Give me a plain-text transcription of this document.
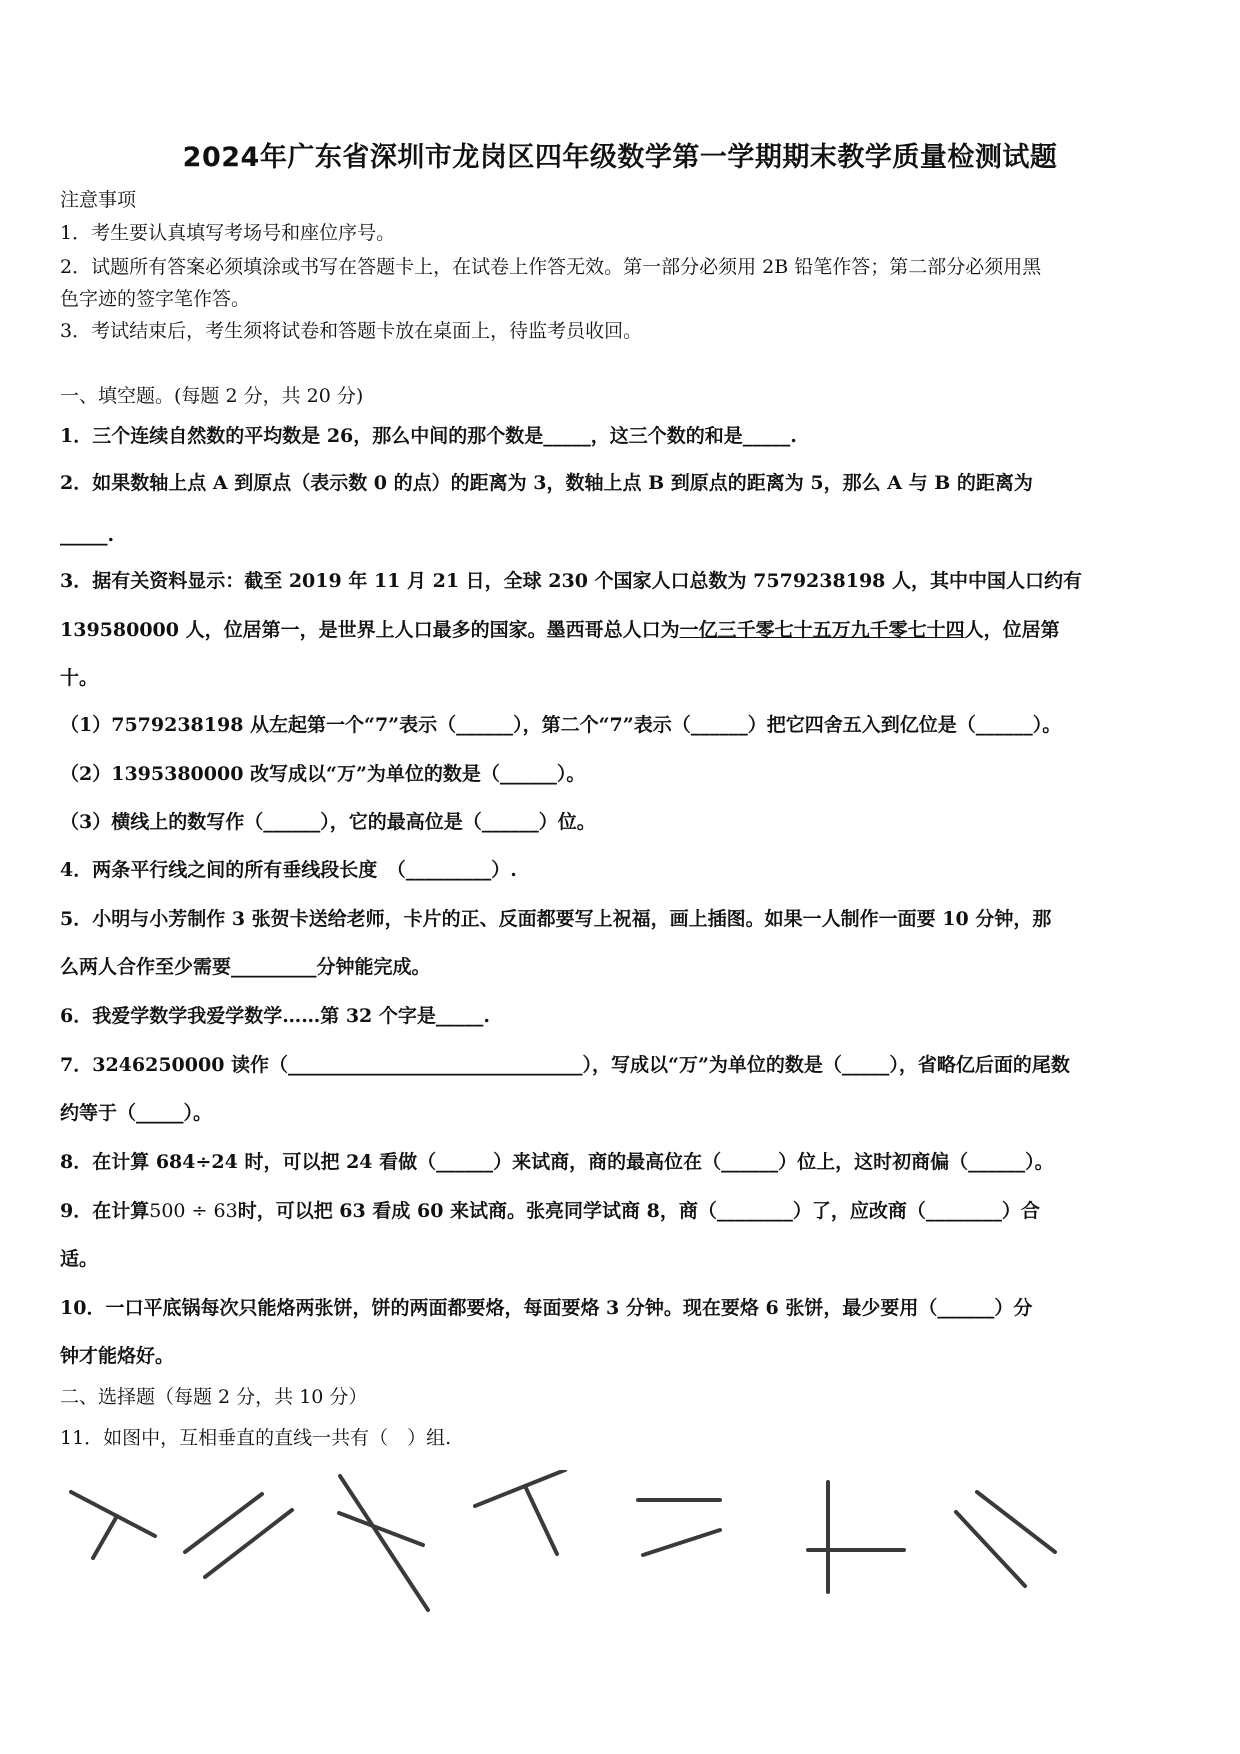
2024年广东省深圳市龙岗区四年级数学第一学期期末教学质量检测试题
注意事项
1．考生要认真填写考场号和座位序号。
2．试题所有答案必须填涂或书写在答题卡上，在试卷上作答无效。第一部分必须用 2B 铅笔作答；第二部分必须用黑
色字迹的签字笔作答。
3．考试结束后，考生须将试卷和答题卡放在桌面上，待监考员收回。
一、填空题。(每题 2 分，共 20 分)
1．三个连续自然数的平均数是 26，那么中间的那个数是_____，这三个数的和是_____.
2．如果数轴上点 A 到原点（表示数 0 的点）的距离为 3，数轴上点 B 到原点的距离为 5，那么 A 与 B 的距离为
_____.
3．据有关资料显示：截至 2019 年 11 月 21 日，全球 230 个国家人口总数为 7579238198 人，其中中国人口约有
139580000 人，位居第一，是世界上人口最多的国家。墨西哥总人口为一亿三千零七十五万九千零七十四人，位居第
十。
（1）7579238198 从左起第一个“7”表示（______），第二个“7”表示（______）把它四舍五入到亿位是（______）。
（2）1395380000 改写成以“万”为单位的数是（______）。
（3）横线上的数写作（______），它的最高位是（______）位。
4．两条平行线之间的所有垂线段长度　（_________）.
5．小明与小芳制作 3 张贺卡送给老师，卡片的正、反面都要写上祝福，画上插图。如果一人制作一面要 10 分钟，那
么两人合作至少需要_________分钟能完成。
6．我爱学数学我爱学数学……第 32 个字是_____.
7．3246250000 读作（_______________________________），写成以“万”为单位的数是（_____），省略亿后面的尾数
约等于（_____）。
8．在计算 684÷24 时，可以把 24 看做（______）来试商，商的最高位在（______）位上，这时初商偏（______）。
9．在计算500 ÷ 63时，可以把 63 看成 60 来试商。张亮同学试商 8，商（________）了，应改商（________）合
适。
10．一口平底锅每次只能烙两张饼，饼的两面都要烙，每面要烙 3 分钟。现在要烙 6 张饼，最少要用（______）分
钟才能烙好。
二、选择题（每题 2 分，共 10 分）
11．如图中，互相垂直的直线一共有（　）组.
